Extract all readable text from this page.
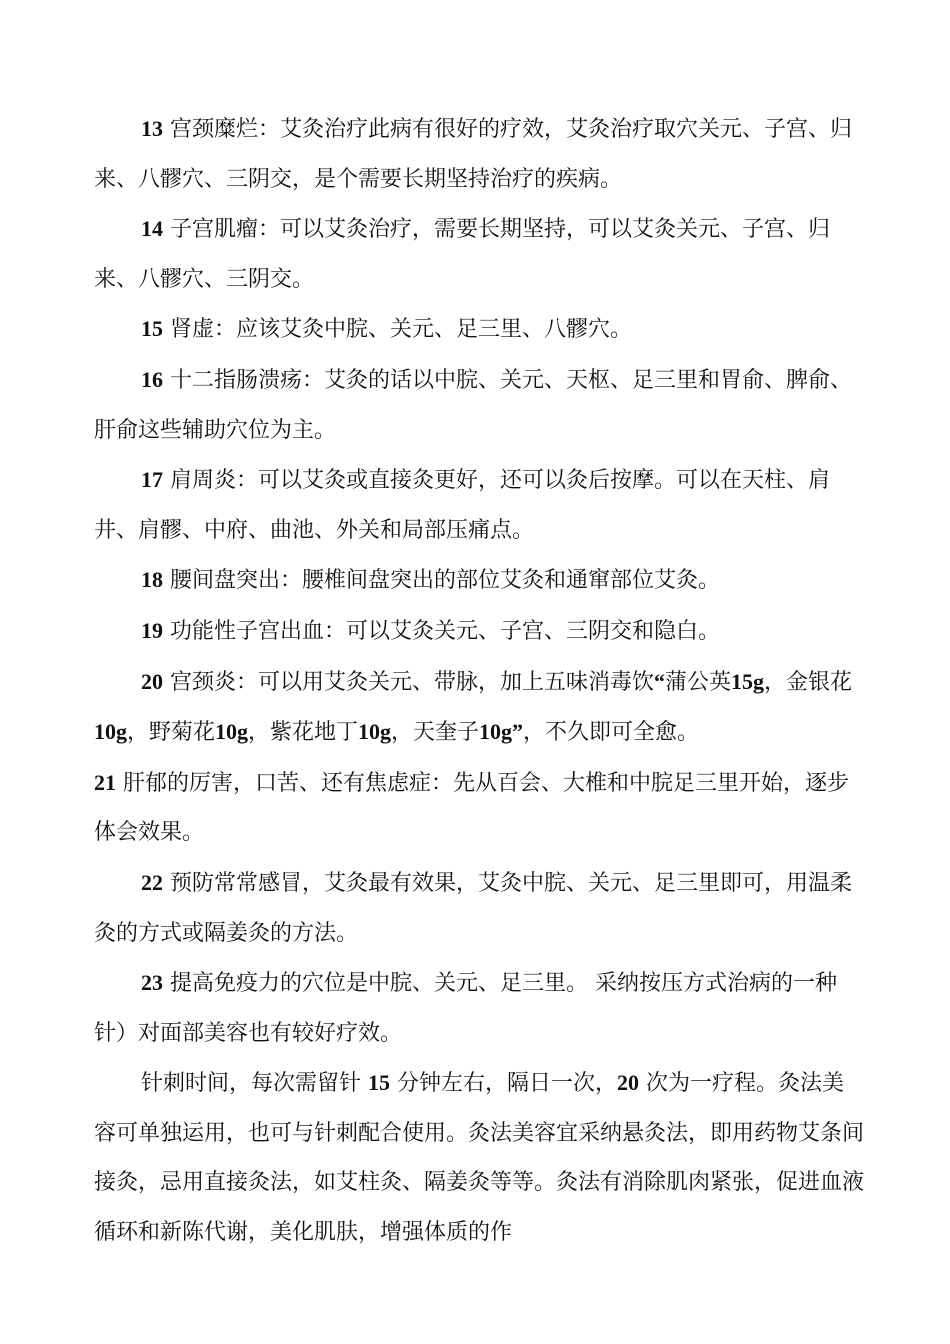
13 宫颈糜烂：艾灸治疗此病有很好的疗效，艾灸治疗取穴关元、子宫、归来、八髎穴、三阴交，是个需要长期坚持治疗的疾病。

14 子宫肌瘤：可以艾灸治疗，需要长期坚持，可以艾灸关元、子宫、归来、八髎穴、三阴交。

15 肾虚：应该艾灸中脘、关元、足三里、八髎穴。

16 十二指肠溃疡：艾灸的话以中脘、关元、天枢、足三里和胃俞、脾俞、肝俞这些辅助穴位为主。

17 肩周炎：可以艾灸或直接灸更好，还可以灸后按摩。可以在天柱、肩井、肩髎、中府、曲池、外关和局部压痛点。

18 腰间盘突出：腰椎间盘突出的部位艾灸和通窜部位艾灸。

19 功能性子宫出血：可以艾灸关元、子宫、三阴交和隐白。

20 宫颈炎：可以用艾灸关元、带脉，加上五味消毒饮“蒲公英15g，金银花10g，野菊花10g，紫花地丁10g，天奎子10g”，不久即可全愈。

21 肝郁的厉害，口苦、还有焦虑症：先从百会、大椎和中脘足三里开始，逐步体会效果。

22 预防常常感冒，艾灸最有效果，艾灸中脘、关元、足三里即可，用温柔灸的方式或隔姜灸的方法。

23 提高免疫力的穴位是中脘、关元、足三里。 采纳按压方式治病的一种针）对面部美容也有较好疗效。

针刺时间，每次需留针 15 分钟左右，隔日一次，20 次为一疗程。灸法美容可单独运用，也可与针刺配合使用。灸法美容宜采纳悬灸法，即用药物艾条间接灸，忌用直接灸法，如艾柱灸、隔姜灸等等。灸法有消除肌肉紧张，促进血液循环和新陈代谢，美化肌肤，增强体质的作
